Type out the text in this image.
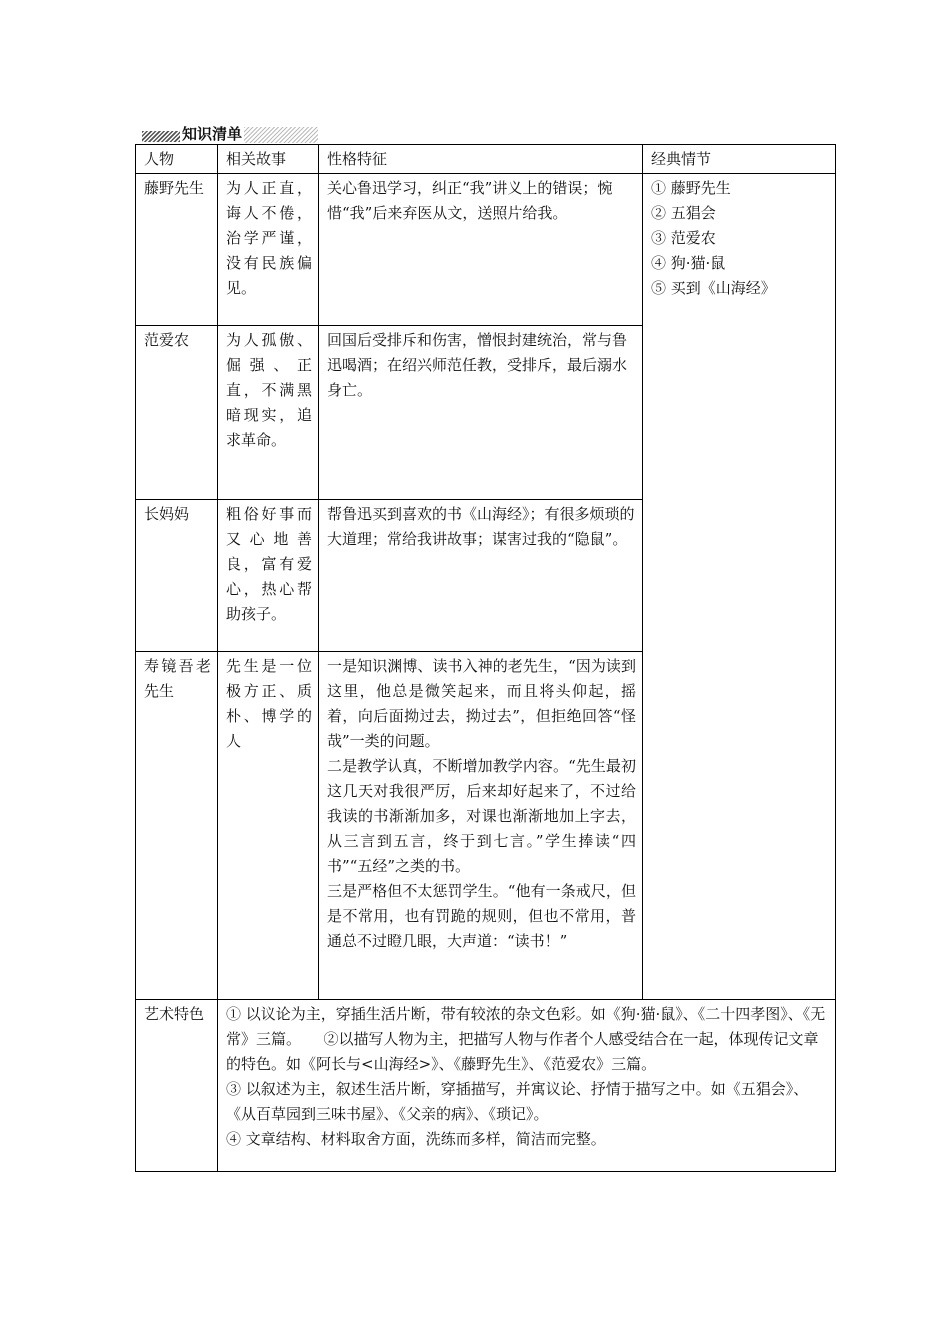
知识清单
人物	相关故事	性格特征	经典情节

藤野先生	为人正直，诲人不倦，治学严谨，没有民族偏见。	关心鲁迅学习，纠正“我”讲义上的错误；惋惜“我”后来弃医从文，送照片给我。	① 藤野先生
② 五猖会
③ 范爱农
④ 狗·猫·鼠
⑤ 买到《山海经》

范爱农	为人孤傲、倔强、正直，不满黑暗现实，追求革命。	回国后受排斥和伤害，憎恨封建统治，常与鲁迅喝酒；在绍兴师范任教，受排斥，最后溺水身亡。	
长妈妈	粗俗好事而又心地善良，富有爱心，热心帮助孩子。	帮鲁迅买到喜欢的书《山海经》；有很多烦琐的大道理；常给我讲故事；谋害过我的“隐鼠”。	

寿镜吾老先生	先生是一位极方正、质朴、博学的人	一是知识渊博、读书入神的老先生，“因为读到这里，他总是微笑起来，而且将头仰起，摇着，向后面拗过去，拗过去”，但拒绝回答“怪哉”一类的问题。
二是教学认真，不断增加教学内容。“先生最初这几天对我很严厉，后来却好起来了，不过给我读的书渐渐加多，对课也渐渐地加上字去，从三言到五言，终于到七言。”学生捧读“四书”“五经”之类的书。
三是严格但不太惩罚学生。“他有一条戒尺，但是不常用，也有罚跪的规则，但也不常用，普通总不过瞪几眼，大声道：“读书！”	

艺术特色	① 以议论为主，穿插生活片断，带有较浓的杂文色彩。如《狗·猫·鼠》、《二十四孝图》、《无常》三篇。　　②以描写人物为主，把描写人物与作者个人感受结合在一起，体现传记文章的特色。如《阿长与<山海经>》、《藤野先生》、《范爱农》三篇。
③ 以叙述为主，叙述生活片断，穿插描写，并寓议论、抒情于描写之中。如《五猖会》、《从百草园到三味书屋》、《父亲的病》、《琐记》。
④ 文章结构、材料取舍方面，洗练而多样，简洁而完整。		
